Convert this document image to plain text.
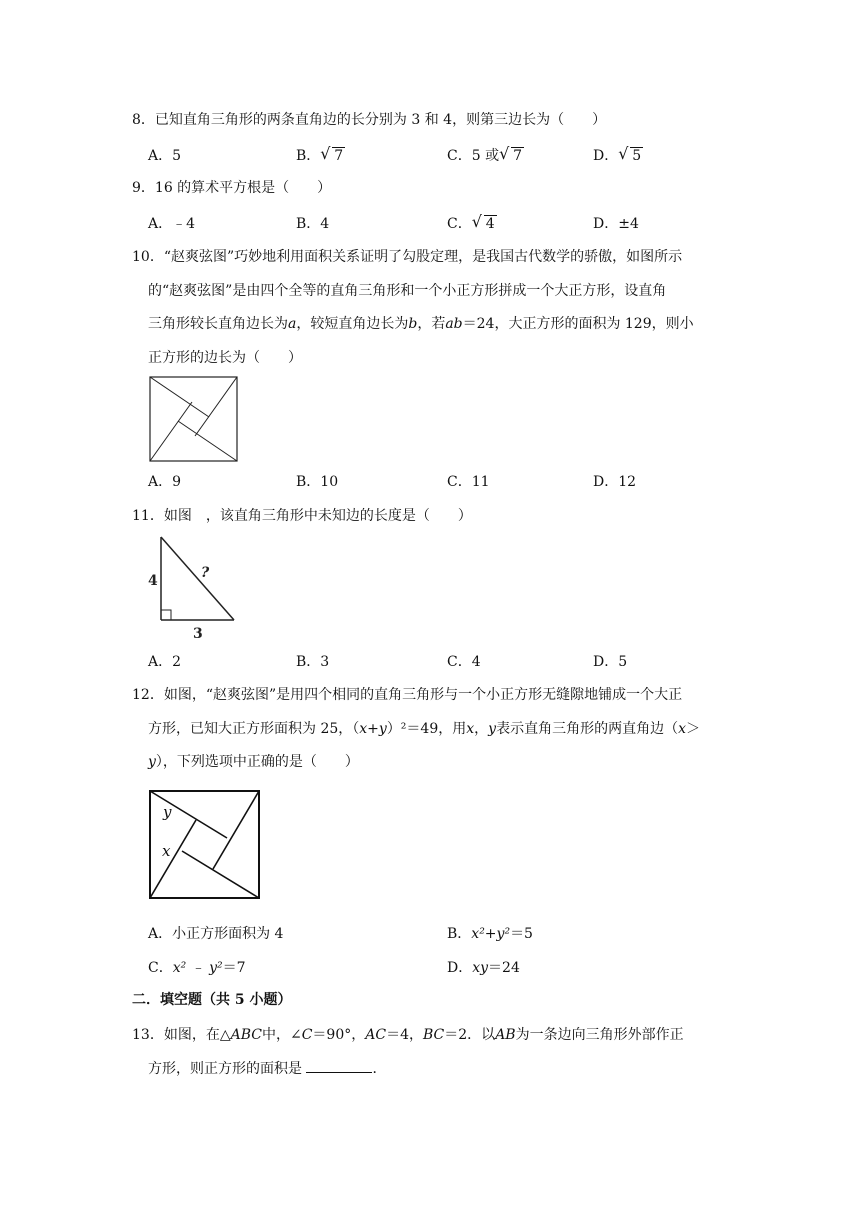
8．已知直角三角形的两条直角边的长分别为 3 和 4，则第三边长为（　　）
A．5	B． √ 7	C．5 或 √ 7	D． √ 5
9．16 的算术平方根是（　　）
A．﹣4	B．4	C． √ 4	D．±4
10．“赵爽弦图”巧妙地利用面积关系证明了勾股定理，是我国古代数学的骄傲，如图所示
的“赵爽弦图”是由四个全等的直角三角形和一个小正方形拼成一个大正方形，设直角
三角形较长直角边长为a，较短直角边长为b，若ab＝24，大正方形的面积为 129，则小
正方形的边长为（　　）
A．9	B．10	C．11	D．12
11．如图　，该直角三角形中未知边的长度是（　　）
4
3
?
A．2	B．3	C．4	D．5
12．如图，“赵爽弦图”是用四个相同的直角三角形与一个小正方形无缝隙地铺成一个大正
方形，已知大正方形面积为 25，（x+y）²＝49，用x，y表示直角三角形的两直角边（x＞
y），下列选项中正确的是（　　）
y
x
A．小正方形面积为 4	B．x²+y²＝5
C．x² ﹣ y²＝7	D．xy＝24
二．填空题（共 5 小题）
13．如图，在△ABC中，∠C＝90°，AC＝4，BC＝2．以AB为一条边向三角形外部作正
方形，则正方形的面积是	．
